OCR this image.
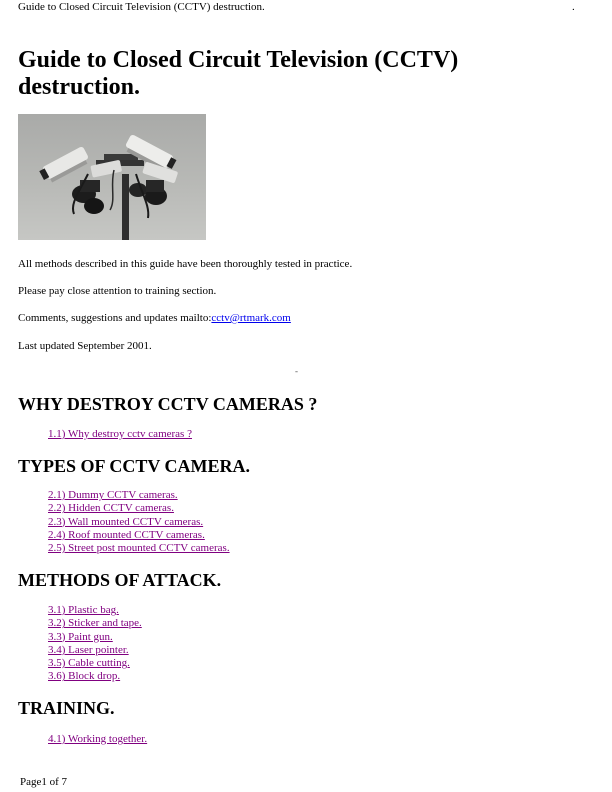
Guide to Closed Circuit Television (CCTV) destruction.	.
Guide to Closed Circuit Television (CCTV) destruction.

All methods described in this guide have been thoroughly tested in practice.

Please pay close attention to training section.

Comments, suggestions and updates mailto:cctv@rtmark.com

Last updated September 2001.

-
WHY DESTROY CCTV CAMERAS ?
1.1) Why destroy cctv cameras ?
TYPES OF CCTV CAMERA.
2.1) Dummy CCTV cameras.
2.2) Hidden CCTV cameras.
2.3) Wall mounted CCTV cameras.
2.4) Roof mounted CCTV cameras.
2.5) Street post mounted CCTV cameras.
METHODS OF ATTACK.
3.1) Plastic bag.
3.2) Sticker and tape.
3.3) Paint gun.
3.4) Laser pointer.
3.5) Cable cutting.
3.6) Block drop.
TRAINING.
4.1) Working together.
Page1 of 7
